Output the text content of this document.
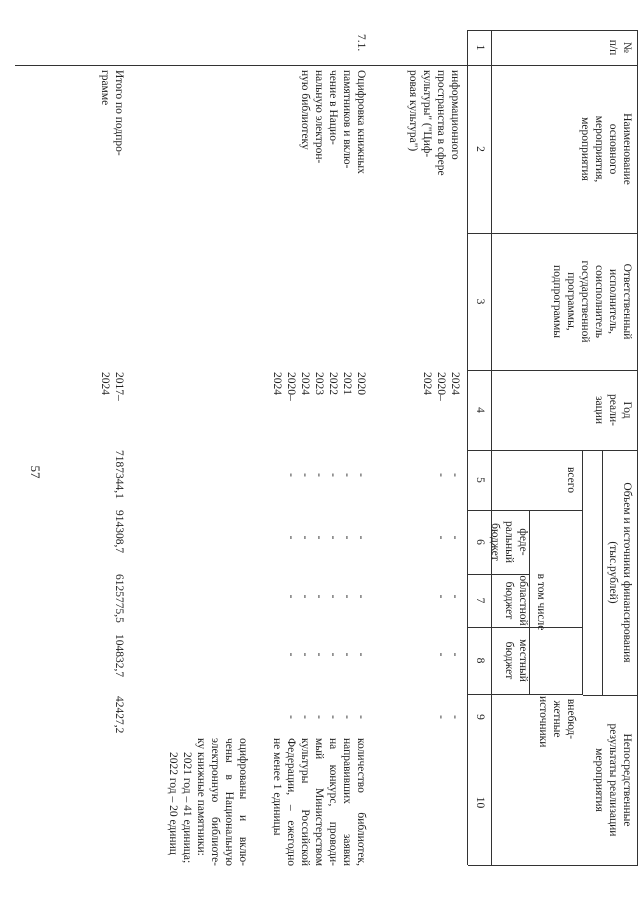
57
№
п/п
Наименование
основного
мероприятия,
мероприятия
Ответственный
исполнитель,
соисполнитель
государственной
программы,
подпрограммы
Год
реали-
зации
Объем и источники финансирования
(тыс.рублей)
всего
в том числе
феде-
ральный
бюджет
областной
бюджет
местный
бюджет
внебюд-
жетные
источники
Непосредственные
результаты реализации
мероприятия
1
2
3
4
5
6
7
8
9
10
информационного
пространства в сфере
культуры" ("Циф-
ровая культура")
2024
2020–
2024
-
-
-
-
-
-
-
-
-
-
7.1.
Оцифровка книжных
памятников и вклю-
чение в Нацио-
нальную электрон-
ную библиотеку
2020
2021
2022
2023
2024
2020–
2024
-
-
-
-
-
-
-
-
-
-
-
-
-
-
-
-
-
-
-
-
-
-
-
-
-
-
-
-
-
-
количество библиотек,
направивших заявки
на конкурс, проводи-
мый Министерством
культуры Российской
Федерации, – ежегодно
не менее 1 единицы
оцифрованы и вклю-
чены в Национальную
электронную библиоте-
ку книжные памятники:
2021 год – 41 единица;
2022 год – 20 единиц
Итого по подпро-
грамме
2017–
2024
7187344,1
914308,7
6125775,5
104832,7
42427,2
